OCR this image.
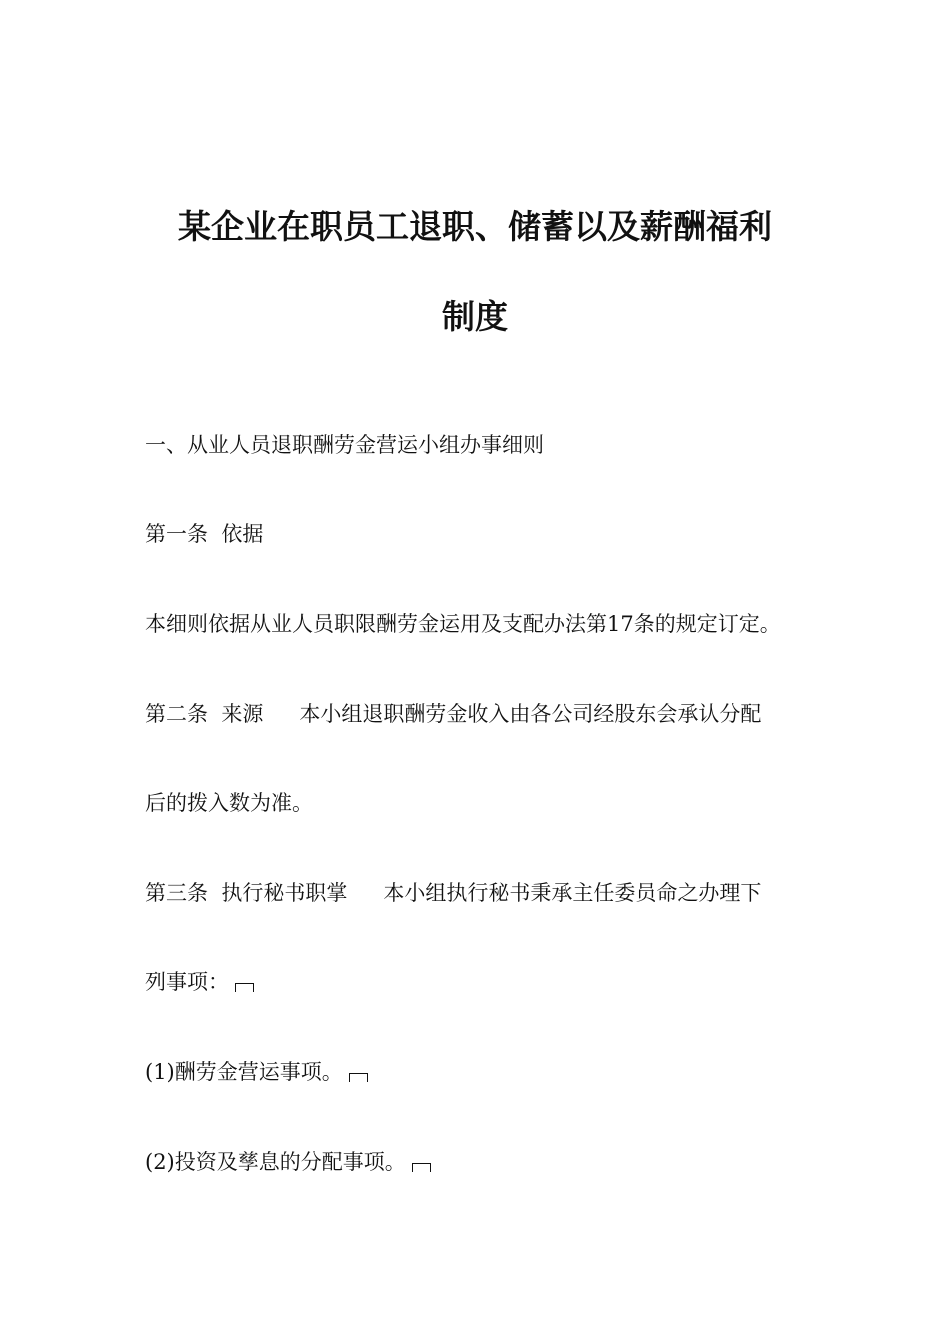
某企业在职员工退职、储蓄以及薪酬福利
制度
一、从业人员退职酬劳金营运小组办事细则
第一条  依据
本细则依据从业人员职限酬劳金运用及支配办法第17条的规定订定。
第二条  来源 本小组退职酬劳金收入由各公司经股东会承认分配
后的拨入数为准。
第三条  执行秘书职掌 本小组执行秘书秉承主任委员命之办理下
列事项：
(1)酬劳金营运事项。
(2)投资及孳息的分配事项。
